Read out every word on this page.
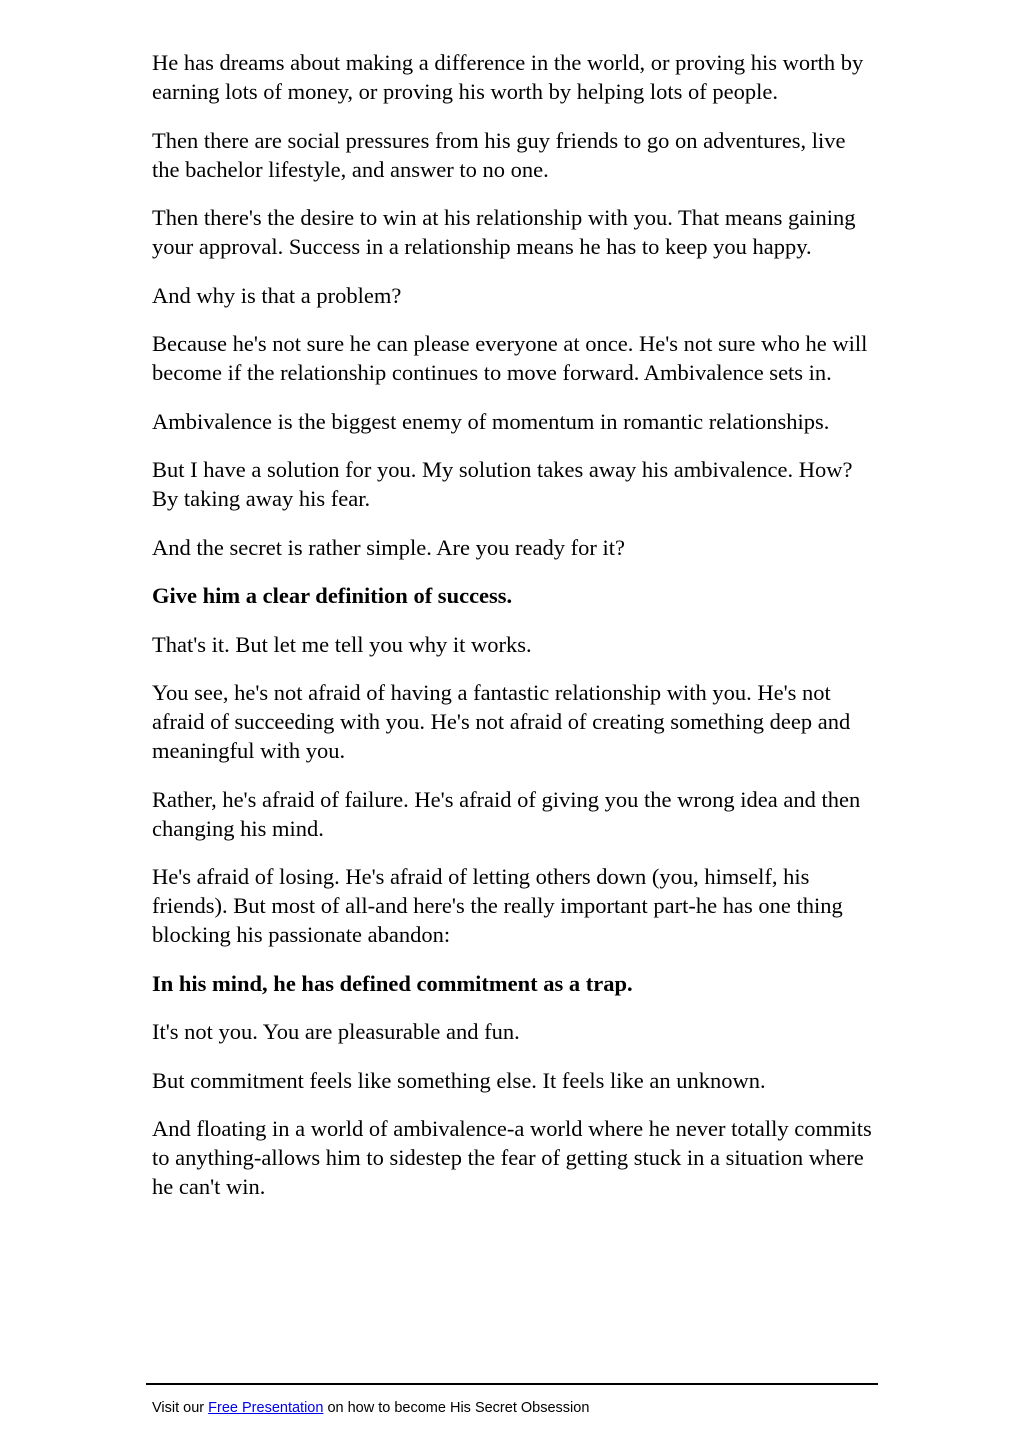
He has dreams about making a difference in the world, or proving his worth by earning lots of money, or proving his worth by helping lots of people.

Then there are social pressures from his guy friends to go on adventures, live the bachelor lifestyle, and answer to no one.

Then there's the desire to win at his relationship with you. That means gaining your approval. Success in a relationship means he has to keep you happy.

And why is that a problem?

Because he's not sure he can please everyone at once. He's not sure who he will become if the relationship continues to move forward. Ambivalence sets in.

Ambivalence is the biggest enemy of momentum in romantic relationships.

But I have a solution for you. My solution takes away his ambivalence. How? By taking away his fear.

And the secret is rather simple. Are you ready for it?

Give him a clear definition of success.

That's it. But let me tell you why it works.

You see, he's not afraid of having a fantastic relationship with you. He's not afraid of succeeding with you. He's not afraid of creating something deep and meaningful with you.

Rather, he's afraid of failure. He's afraid of giving you the wrong idea and then changing his mind.

He's afraid of losing. He's afraid of letting others down (you, himself, his friends). But most of all-and here's the really important part-he has one thing blocking his passionate abandon:

In his mind, he has defined commitment as a trap.

It's not you. You are pleasurable and fun.

But commitment feels like something else. It feels like an unknown.

And floating in a world of ambivalence-a world where he never totally commits to anything-allows him to sidestep the fear of getting stuck in a situation where he can't win.

Visit our Free Presentation on how to become His Secret Obsession
